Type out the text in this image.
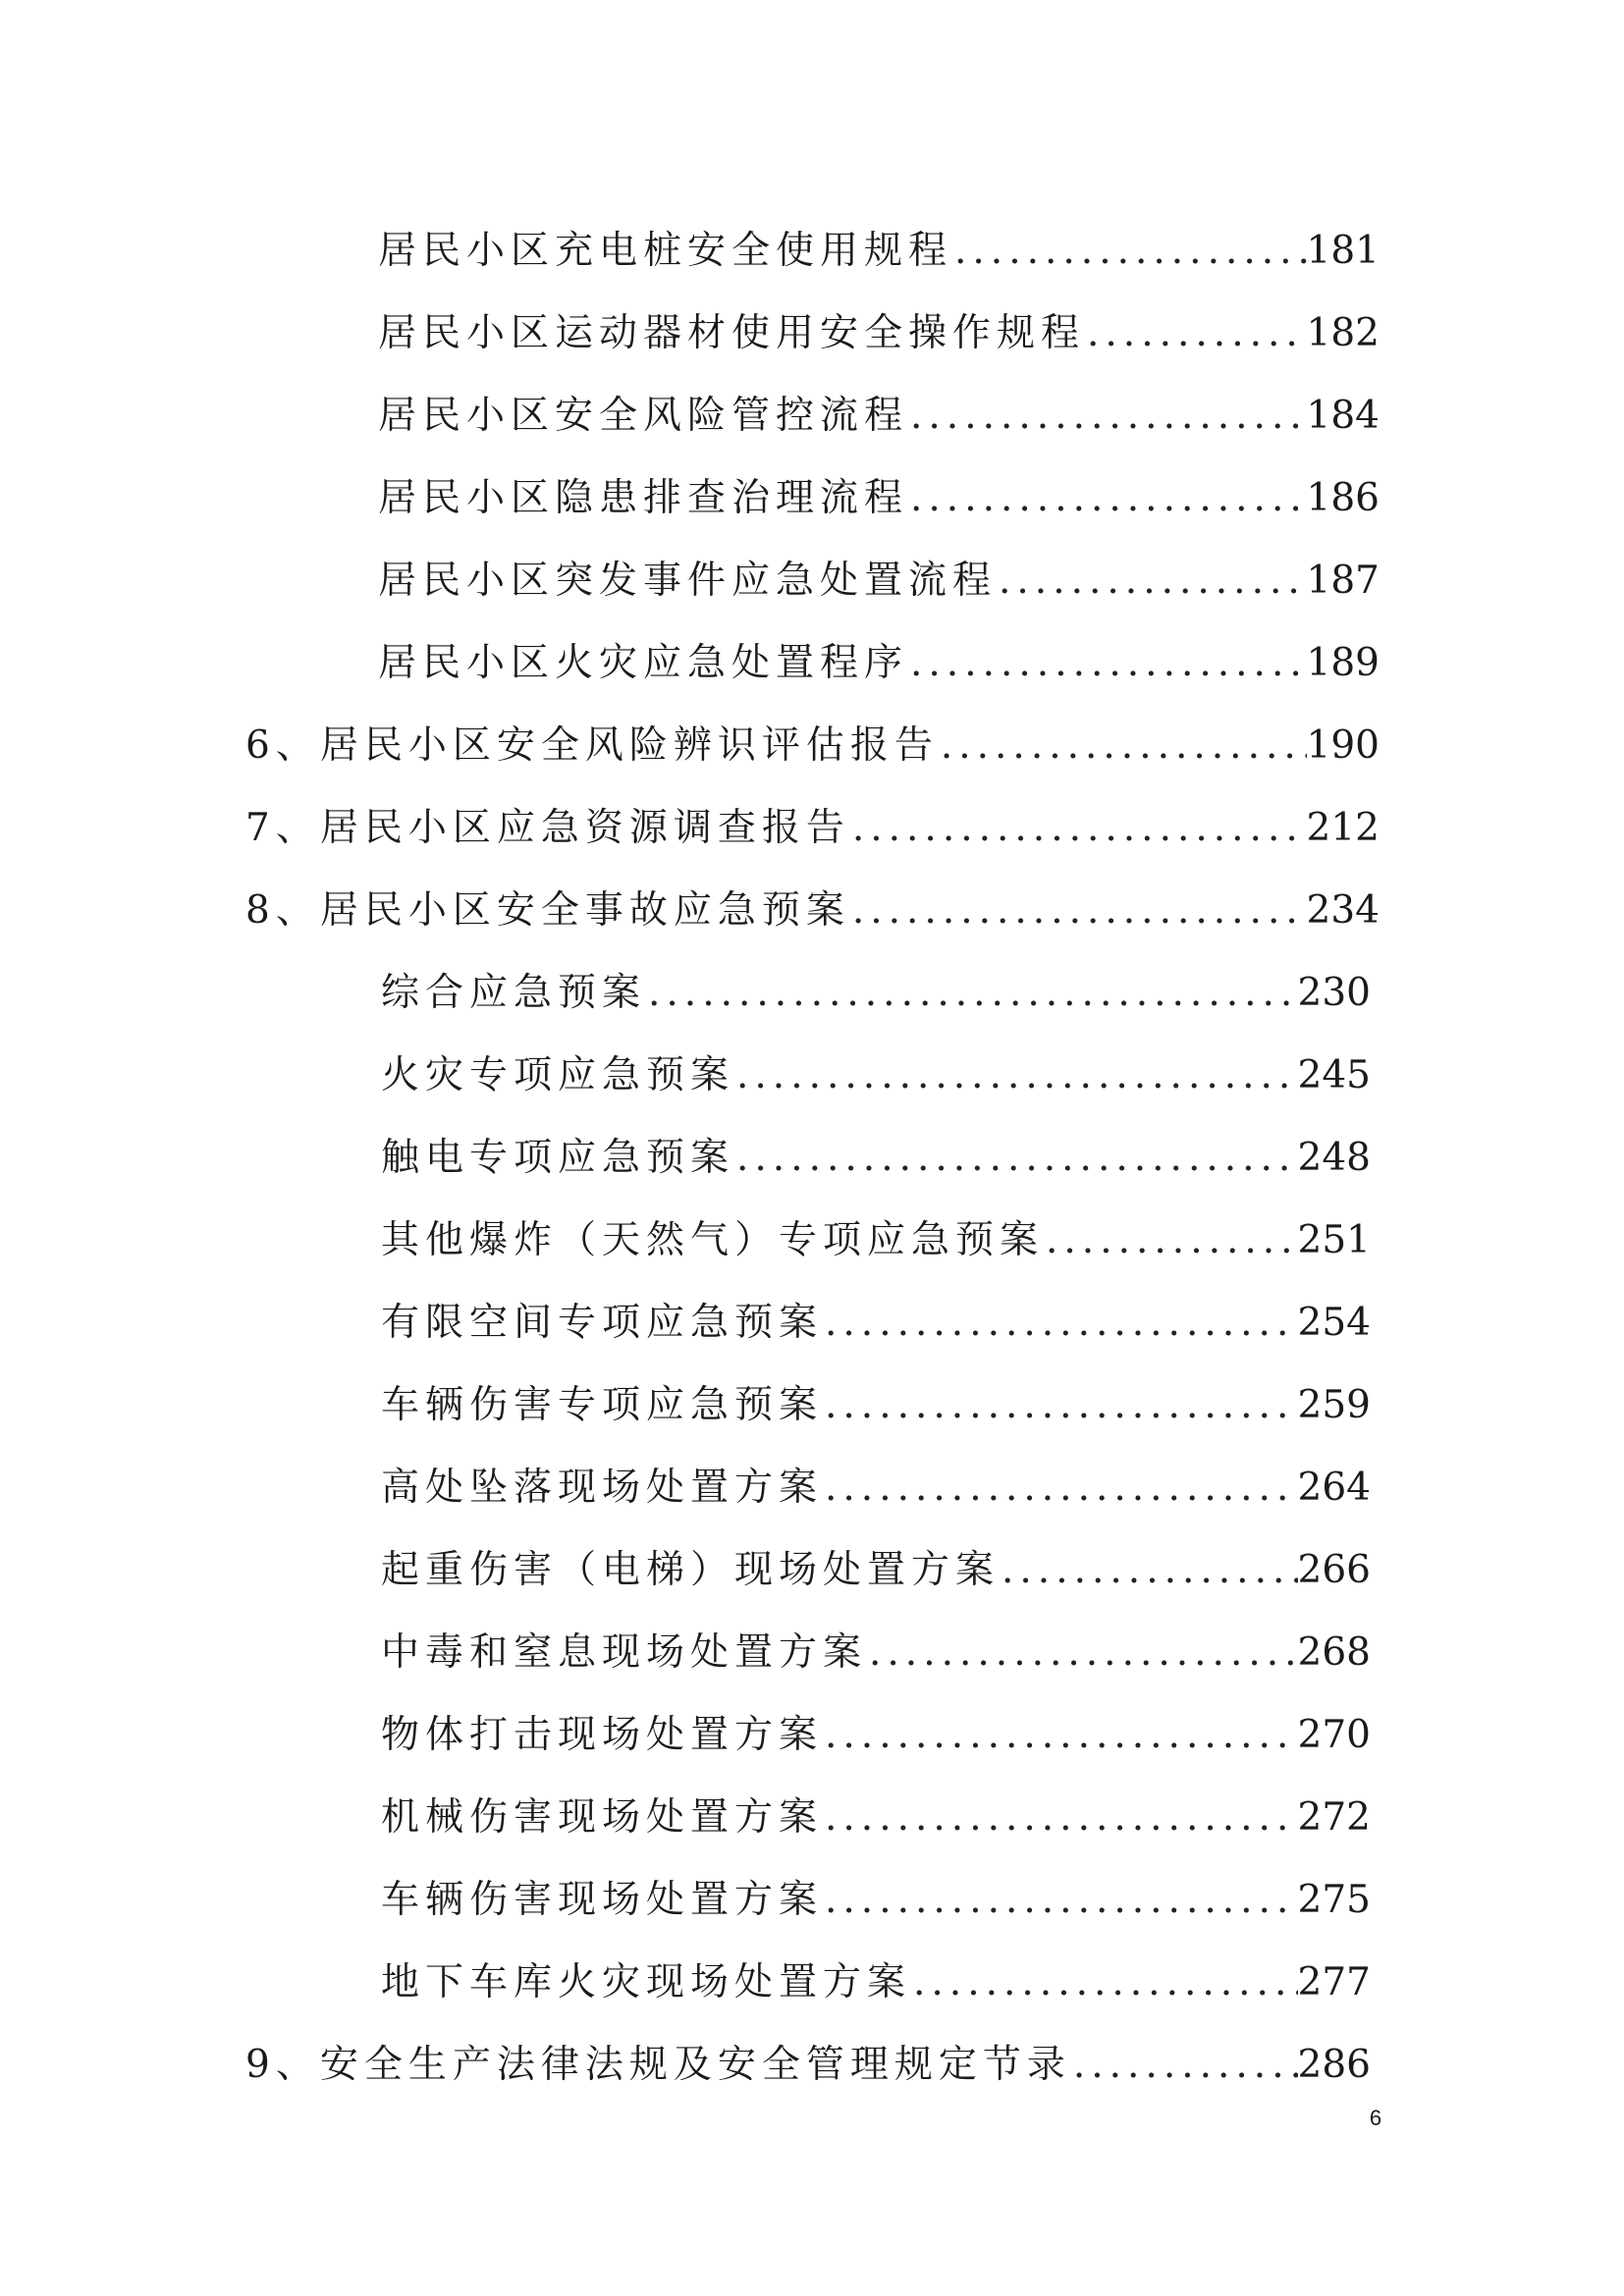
居民小区充电桩安全使用规程 .....	181
居民小区运动器材使用安全操作规程 .....	182
居民小区安全风险管控流程 .....	184
居民小区隐患排查治理流程 .....	186
居民小区突发事件应急处置流程 .....	187
居民小区火灾应急处置程序 .....	189
6、居民小区安全风险辨识评估报告 .....	190
7、居民小区应急资源调查报告 .....	212
8、居民小区安全事故应急预案 .....	234
综合应急预案 .....	230
火灾专项应急预案 .....	245
触电专项应急预案 .....	248
其他爆炸（天然气）专项应急预案 .....	251
有限空间专项应急预案 .....	254
车辆伤害专项应急预案 .....	259
高处坠落现场处置方案 .....	264
起重伤害（电梯）现场处置方案 .....	266
中毒和窒息现场处置方案 .....	268
物体打击现场处置方案 .....	270
机械伤害现场处置方案 .....	272
车辆伤害现场处置方案 .....	275
地下车库火灾现场处置方案 .....	277
9、安全生产法律法规及安全管理规定节录 .....	286
6
